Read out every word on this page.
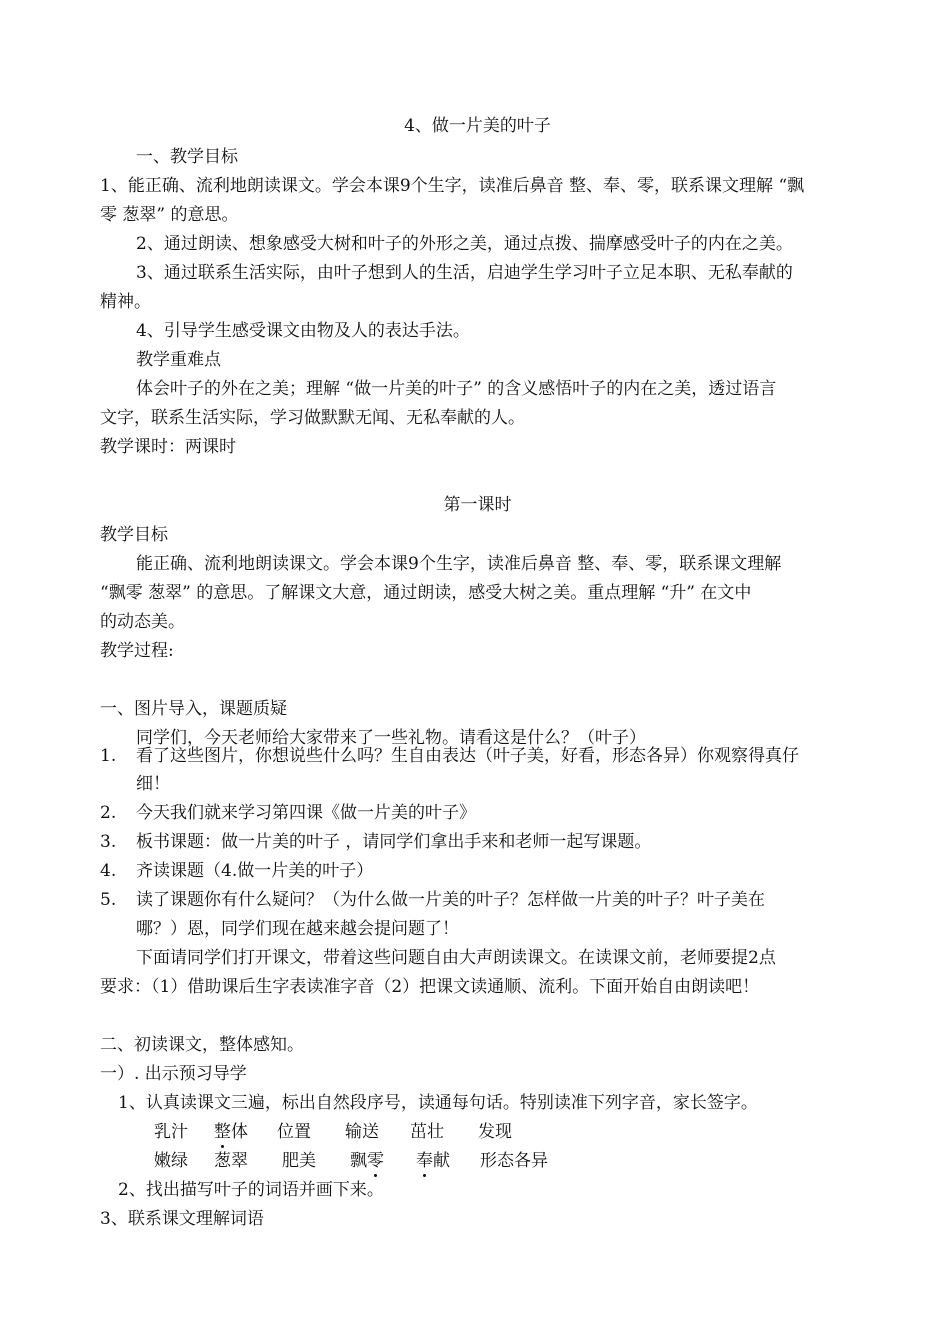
4、做一片美的叶子
一、教学目标
1、能正确、流利地朗读课文。学会本课9个生字，读准后鼻音 整、奉、零，联系课文理解 “飘
零 葱翠” 的意思。
2、通过朗读、想象感受大树和叶子的外形之美，通过点拨、揣摩感受叶子的内在之美。
3、通过联系生活实际，由叶子想到人的生活，启迪学生学习叶子立足本职、无私奉献的
精神。
4、引导学生感受课文由物及人的表达手法。
教学重难点
体会叶子的外在之美；理解 “做一片美的叶子” 的含义感悟叶子的内在之美，透过语言
文字，联系生活实际，学习做默默无闻、无私奉献的人。
教学课时：两课时
第一课时
教学目标
能正确、流利地朗读课文。学会本课9个生字，读准后鼻音 整、奉、零，联系课文理解
“飘零 葱翠” 的意思。了解课文大意，通过朗读，感受大树之美。重点理解 “升” 在文中
的动态美。
教学过程:
一、图片导入，课题质疑
同学们，今天老师给大家带来了一些礼物。请看这是什么？（叶子）
1. 看了这些图片，你想说些什么吗？生自由表达（叶子美，好看，形态各异）你观察得真仔
细！
2. 今天我们就来学习第四课《做一片美的叶子》
3. 板书课题：做一片美的叶子 ，请同学们拿出手来和老师一起写课题。
4. 齐读课题（4.做一片美的叶子）
5. 读了课题你有什么疑问？（为什么做一片美的叶子？怎样做一片美的叶子？叶子美在
哪？）恩，同学们现在越来越会提问题了！
下面请同学们打开课文，带着这些问题自由大声朗读课文。在读课文前，老师要提2点
要求：（1）借助课后生字表读准字音（2）把课文读通顺、流利。下面开始自由朗读吧！
二、初读课文，整体感知。
一）. 出示预习导学
1、认真读课文三遍，标出自然段序号，读通每句话。特别读准下列字音，家长签字。
乳汁 整体 位置 输送 茁壮 发现
嫩绿 葱翠 肥美 飘零 奉献 形态各异
2、找出描写叶子的词语并画下来。
3、联系课文理解词语
